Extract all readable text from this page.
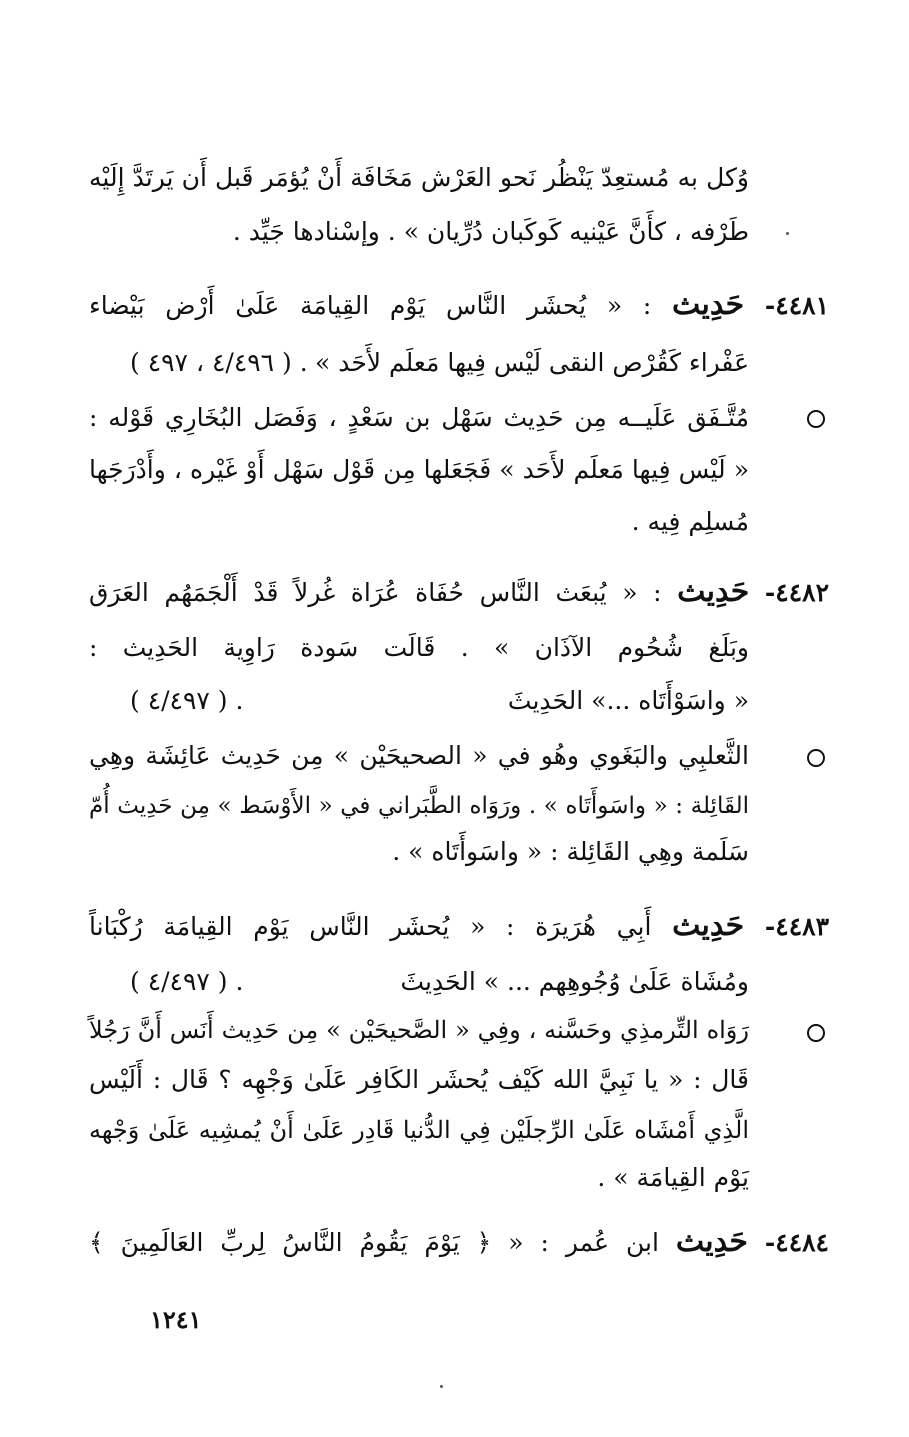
وُكل به مُستعِدّ يَنْظُر نَحو العَرْش مَخَافَة أَنْ يُؤمَر قَبل أَن يَرتَدَّ إِلَيْه
طَرْفه ، كأَنَّ عَيْنيه كَوكَبان دُرِّيان » . وإسْنادها جَيِّد .
٤٤٨١- حَدِيث : « يُحشَر النَّاس يَوْم القِيامَة عَلَىٰ أَرْض بَيْضاء
عَفْراء كَقُرْص النقى لَيْس فِيها مَعلَم لأَحَد »
( ٤/٤٩٦ ، ٤٩٧ ) .
مُتَّـفَق عَلَيــه مِن حَدِيث سَهْل بن سَعْدٍ ، وَفَصَل البُخَارِي قَوْله :
« لَيْس فِيها مَعلَم لأَحَد » فَجَعَلها مِن قَوْل سَهْل أَوْ غَيْره ، وأَدْرَجَها
مُسلِم فِيه .
٤٤٨٢- حَدِيث : « يُبعَث النَّاس حُفَاة عُرَاة غُرلاً قَدْ أَلْجَمَهُم العَرَق
وبَلَغ شُحُوم الآذَان » . قَالَت سَودة رَاوِية الحَدِيث :
« واسَوْأَتَاه ...» الحَدِيثَ
( ٤/٤٩٧ ) .
الثَّعلبِي والبَغَوي وهُو في « الصحيحَيْن » مِن حَدِيث عَائِشَة وهِي
القَائِلة : « واسَوأَتَاه » . ورَوَاه الطَّبَراني في « الأَوْسَط » مِن حَدِيث أُمّ
سَلَمة وهِي القَائِلة : « واسَوأَتَاه » .
٤٤٨٣- حَدِيث أَبِي هُرَيرَة : « يُحشَر النَّاس يَوْم القِيامَة رُكْبَاناً
ومُشَاة عَلَىٰ وُجُوهِهم ... » الحَدِيثَ
( ٤/٤٩٧ ) .
رَوَاه التِّرمذِي وحَسَّنه ، وفِي « الصَّحيحَيْن » مِن حَدِيث أَنَس أَنَّ رَجُلاً
قَال : « يا نَبِيَّ الله كَيْف يُحشَر الكَافِر عَلَىٰ وَجْهِه ؟ قَال : أَلَيْس
الَّذِي أَمْشَاه عَلَىٰ الرِّجلَيْن فِي الدُّنيا قَادِر عَلَىٰ أَنْ يُمشِيه عَلَىٰ وَجْهه
يَوْم القِيامَة » .
٤٤٨٤- حَدِيث ابن عُمر : « ﴿ يَوْمَ يَقُومُ النَّاسُ لِربِّ العَالَمِينَ ﴾
١٢٤١
